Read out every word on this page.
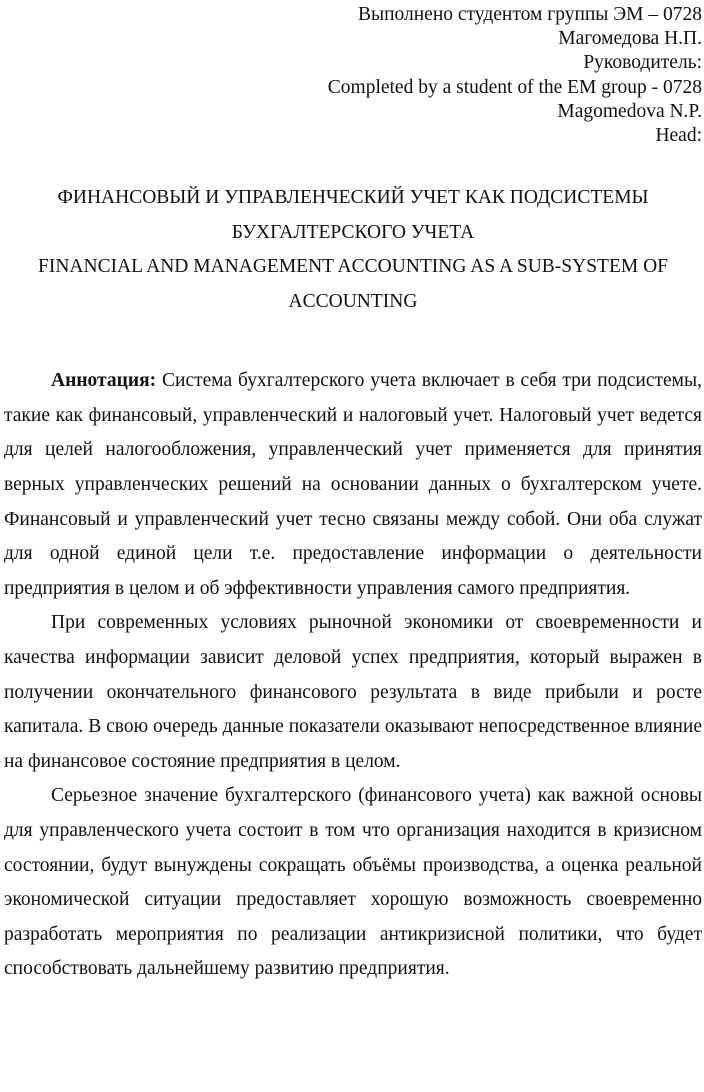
Выполнено студентом группы ЭМ – 0728
Магомедова Н.П.
Руководитель:
Completed by a student of the EM group - 0728
Magomedova N.P.
Head:
ФИНАНСОВЫЙ И УПРАВЛЕНЧЕСКИЙ УЧЕТ КАК ПОДСИСТЕМЫ
БУХГАЛТЕРСКОГО УЧЕТА
FINANCIAL AND MANAGEMENT ACCOUNTING AS A SUB-SYSTEM OF
ACCOUNTING

Аннотация: Система бухгалтерского учета включает в себя три подсистемы, такие как финансовый, управленческий и налоговый учет. Налоговый учет ведется для целей налогообложения, управленческий учет применяется для принятия верных управленческих решений на основании данных о бухгалтерском учете. Финансовый и управленческий учет тесно связаны между собой. Они оба служат для одной единой цели т.е. предоставление информации о деятельности предприятия в целом и об эффективности управления самого предприятия.

При современных условиях рыночной экономики от своевременности и качества информации зависит деловой успех предприятия, который выражен в получении окончательного финансового результата в виде прибыли и росте капитала. В свою очередь данные показатели оказывают непосредственное влияние на финансовое состояние предприятия в целом.

Серьезное значение бухгалтерского (финансового учета) как важной основы для управленческого учета состоит в том что организация находится в кризисном состоянии, будут вынуждены сокращать объёмы производства, а оценка реальной экономической ситуации предоставляет хорошую возможность своевременно разработать мероприятия по реализации антикризисной политики, что будет способствовать дальнейшему развитию предприятия.
